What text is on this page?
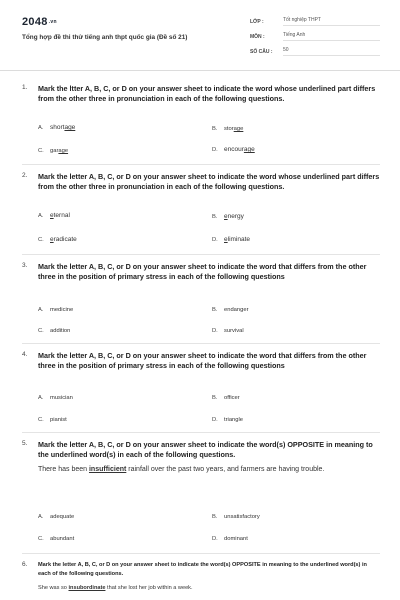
$2048^{.vn}$
Tổng hợp đề thi thử tiếng anh thpt quốc gia (Đề số 21)
LỚP :	Tốt nghiệp THPT
MÔN :	Tiếng Anh
SỐ CÂU :	50
1.	Mark the ltter A, B, C, or D on your answer sheet to indicate the word whose underlined part differs from the other three in pronunciation in each of the following questions.
A. shortage	B. storage
C. garage	D. encourage
2.	Mark the letter A, B, C, or D on your answer sheet to indicate the word whose underlined part differs from the other three in pronunciation in each of the following questions.
A. eternal	B. energy
C. eradicate	D. eliminate
3.	Mark the letter A, B, C, or D on your answer sheet to indicate the word that differs from the other three in the position of primary stress in each of the following questions
A. medicine	B. endanger
C. addition	D. survival
4.	Mark the letter A, B, C, or D on your answer sheet to indicate the word that differs from the other three in the position of primary stress in each of the following questions
A. musician	B. officer
C. pianist	D. triangle
5.	Mark the letter A, B, C, or D on your answer sheet to indicate the word(s) OPPOSITE in meaning to the underlined word(s) in each of the following questions.
There has been insufficient rainfall over the past two years, and farmers are having trouble.
A. adequate	B. unsatisfactory
C. abundant	D. dominant
6.	Mark the letter A, B, C, or D on your answer sheet to indicate the word(s) OPPOSITE in meaning to the underlined word(s) in each of the following questions.
She was so insubordinate that she lost her job within a week.
